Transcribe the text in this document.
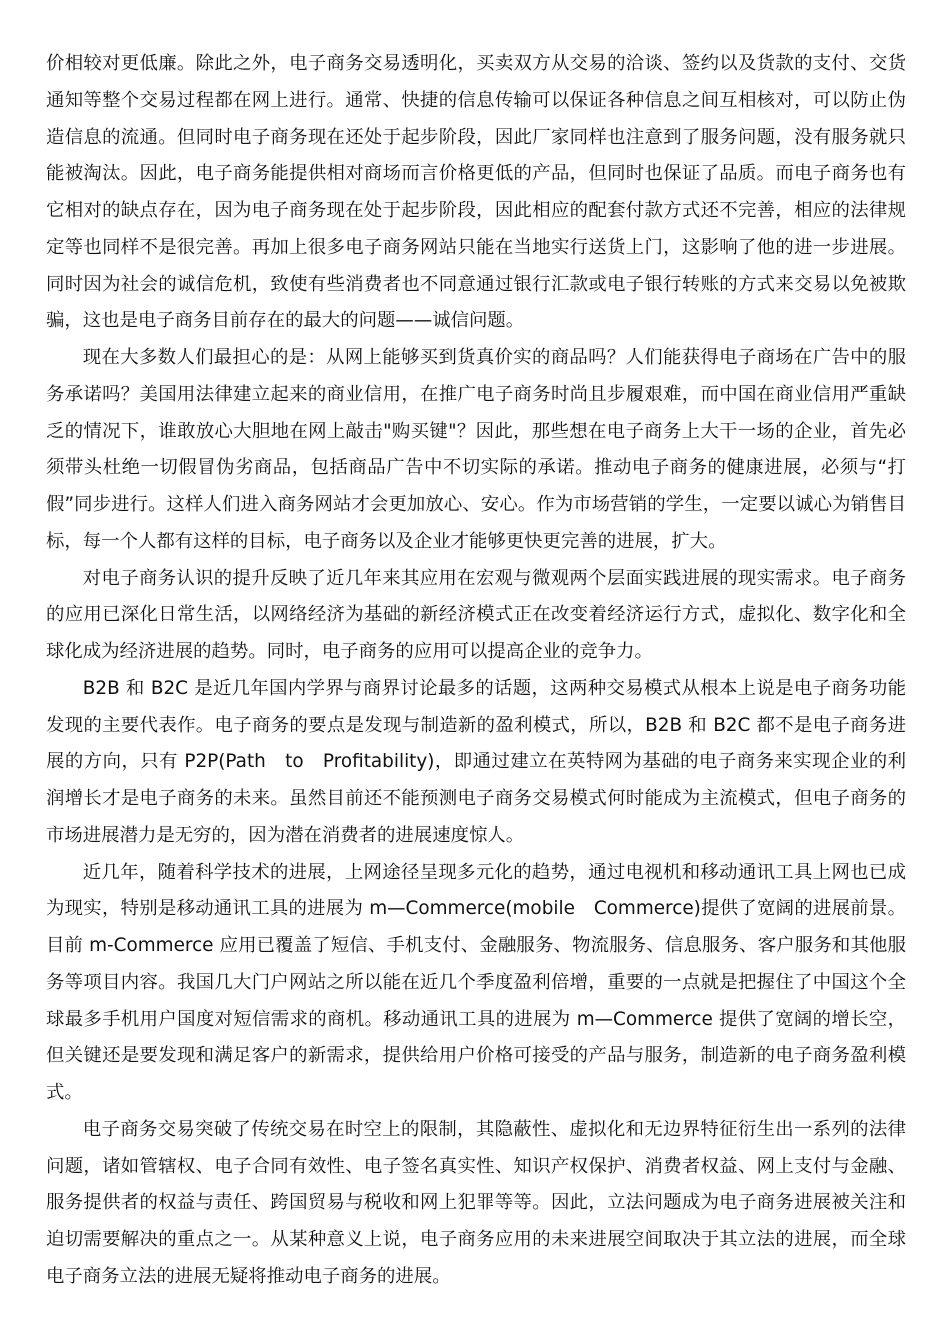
价相较对更低廉。除此之外，电子商务交易透明化，买卖双方从交易的洽谈、签约以及货款的支付、交货通知等整个交易过程都在网上进行。通常、快捷的信息传输可以保证各种信息之间互相核对，可以防止伪造信息的流通。但同时电子商务现在还处于起步阶段，因此厂家同样也注意到了服务问题，没有服务就只能被淘汰。因此，电子商务能提供相对商场而言价格更低的产品，但同时也保证了品质。而电子商务也有它相对的缺点存在，因为电子商务现在处于起步阶段，因此相应的配套付款方式还不完善，相应的法律规定等也同样不是很完善。再加上很多电子商务网站只能在当地实行送货上门，这影响了他的进一步进展。同时因为社会的诚信危机，致使有些消费者也不同意通过银行汇款或电子银行转账的方式来交易以免被欺骗，这也是电子商务目前存在的最大的问题——诚信问题。

现在大多数人们最担心的是：从网上能够买到货真价实的商品吗？人们能获得电子商场在广告中的服务承诺吗？美国用法律建立起来的商业信用，在推广电子商务时尚且步履艰难，而中国在商业信用严重缺乏的情况下，谁敢放心大胆地在网上敲击"购买键"？因此，那些想在电子商务上大干一场的企业，首先必须带头杜绝一切假冒伪劣商品，包括商品广告中不切实际的承诺。推动电子商务的健康进展，必须与“打假”同步进行。这样人们进入商务网站才会更加放心、安心。作为市场营销的学生，一定要以诚心为销售目标，每一个人都有这样的目标，电子商务以及企业才能够更快更完善的进展，扩大。

对电子商务认识的提升反映了近几年来其应用在宏观与微观两个层面实践进展的现实需求。电子商务的应用已深化日常生活，以网络经济为基础的新经济模式正在改变着经济运行方式，虚拟化、数字化和全球化成为经济进展的趋势。同时，电子商务的应用可以提高企业的竞争力。

B2B 和 B2C 是近几年国内学界与商界讨论最多的话题，这两种交易模式从根本上说是电子商务功能发现的主要代表作。电子商务的要点是发现与制造新的盈利模式，所以，B2B 和 B2C 都不是电子商务进展的方向，只有 P2P(Path　to　Profitability)，即通过建立在英特网为基础的电子商务来实现企业的利润增长才是电子商务的未来。虽然目前还不能预测电子商务交易模式何时能成为主流模式，但电子商务的市场进展潜力是无穷的，因为潜在消费者的进展速度惊人。

近几年，随着科学技术的进展，上网途径呈现多元化的趋势，通过电视机和移动通讯工具上网也已成为现实，特别是移动通讯工具的进展为 m—Commerce(mobile　Commerce)提供了宽阔的进展前景。目前 m-Commerce 应用已覆盖了短信、手机支付、金融服务、物流服务、信息服务、客户服务和其他服务等项目内容。我国几大门户网站之所以能在近几个季度盈利倍增，重要的一点就是把握住了中国这个全球最多手机用户国度对短信需求的商机。移动通讯工具的进展为 m—Commerce 提供了宽阔的增长空，但关键还是要发现和满足客户的新需求，提供给用户价格可接受的产品与服务，制造新的电子商务盈利模式。

电子商务交易突破了传统交易在时空上的限制，其隐蔽性、虚拟化和无边界特征衍生出一系列的法律问题，诸如管辖权、电子合同有效性、电子签名真实性、知识产权保护、消费者权益、网上支付与金融、服务提供者的权益与责任、跨国贸易与税收和网上犯罪等等。因此，立法问题成为电子商务进展被关注和迫切需要解决的重点之一。从某种意义上说，电子商务应用的未来进展空间取决于其立法的进展，而全球电子商务立法的进展无疑将推动电子商务的进展。
